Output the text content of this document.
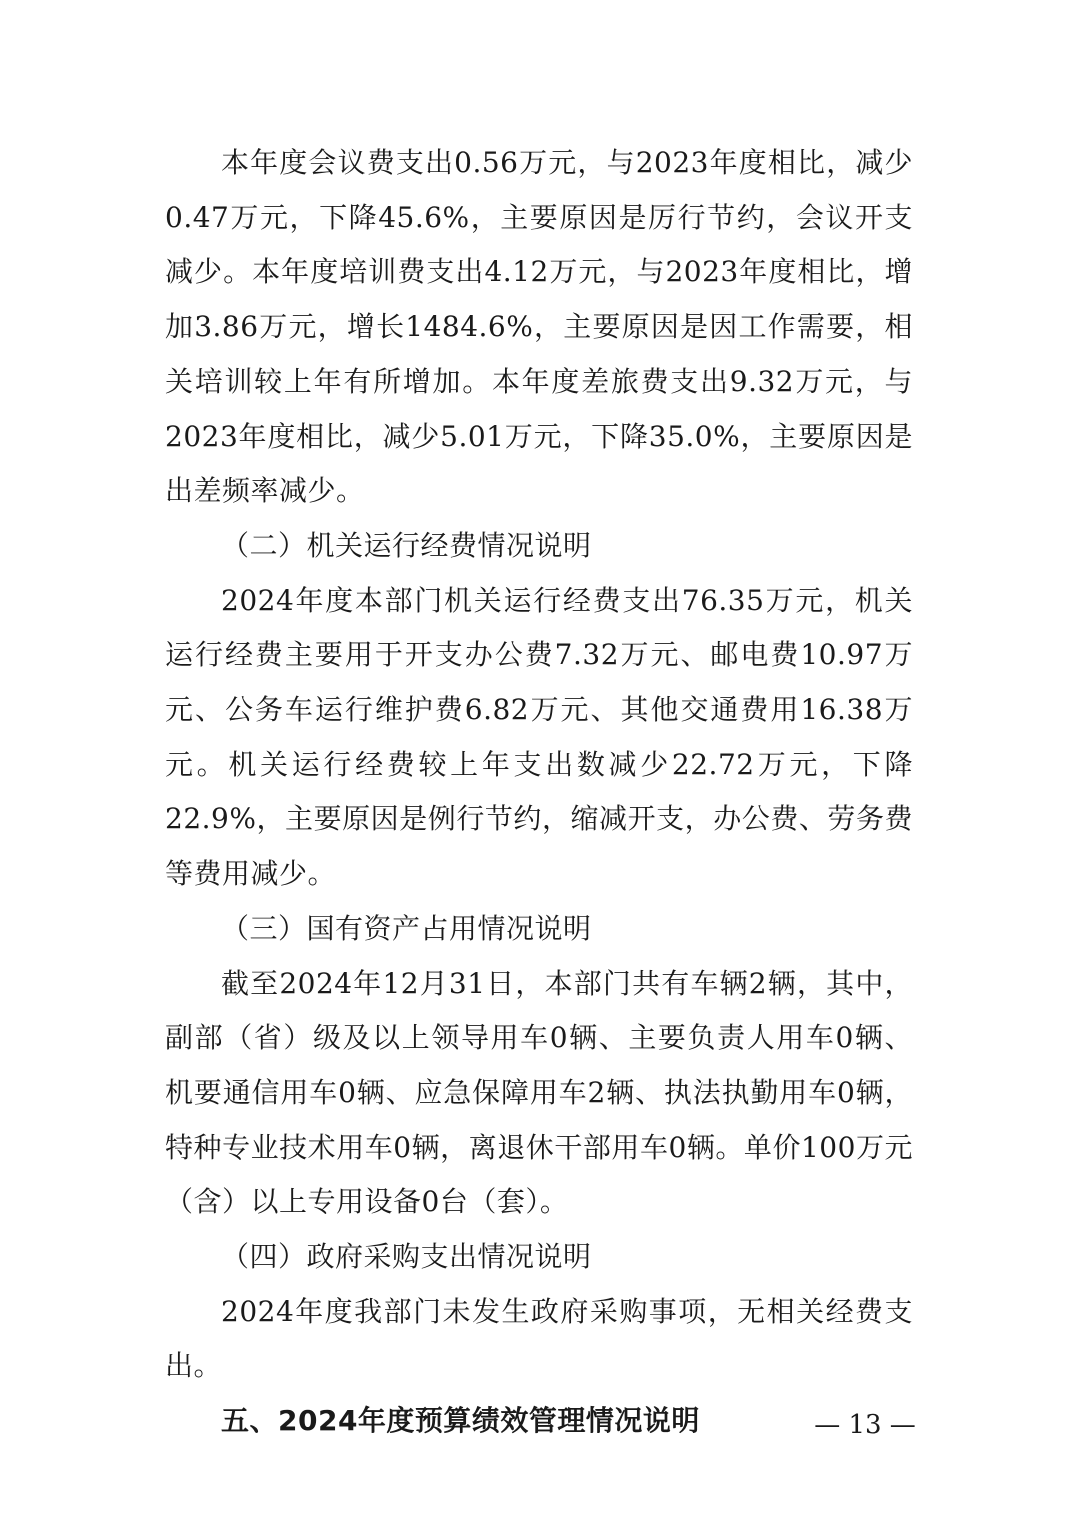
本年度会议费支出0.56万元，与2023年度相比，减少0.47万元，下降45.6%，主要原因是厉行节约，会议开支减少。本年度培训费支出4.12万元，与2023年度相比，增加3.86万元，增长1484.6%，主要原因是因工作需要，相关培训较上年有所增加。本年度差旅费支出9.32万元，与2023年度相比，减少5.01万元，下降35.0%，主要原因是出差频率减少。

（二）机关运行经费情况说明

2024年度本部门机关运行经费支出76.35万元，机关运行经费主要用于开支办公费7.32万元、邮电费10.97万元、公务车运行维护费6.82万元、其他交通费用16.38万元。机关运行经费较上年支出数减少22.72万元，下降22.9%，主要原因是例行节约，缩减开支，办公费、劳务费等费用减少。

（三）国有资产占用情况说明

截至2024年12月31日，本部门共有车辆2辆，其中，副部（省）级及以上领导用车0辆、主要负责人用车0辆、机要通信用车0辆、应急保障用车2辆、执法执勤用车0辆，特种专业技术用车0辆，离退休干部用车0辆。单价100万元（含）以上专用设备0台（套）。

（四）政府采购支出情况说明

2024年度我部门未发生政府采购事项，无相关经费支出。

五、2024年度预算绩效管理情况说明	— 13 —
